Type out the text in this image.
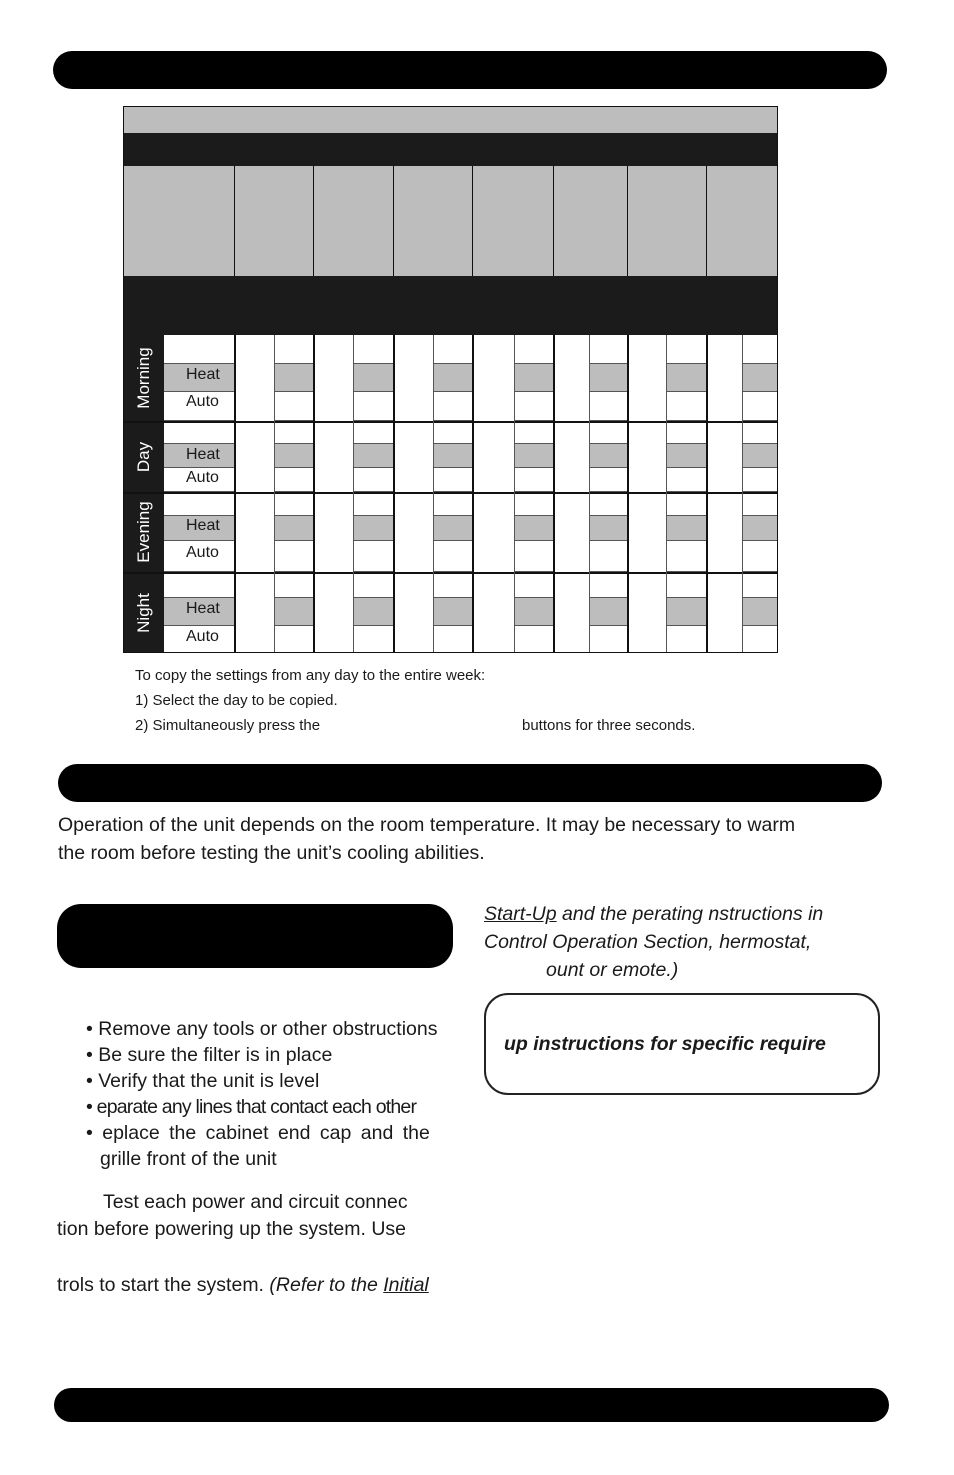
Morning Heat
Auto
Day Heat
Auto
Evening Heat
Auto
Night Heat
Auto
To copy the settings from any day to the entire week:
1) Select the day to be copied.
2) Simultaneously press the	buttons for three seconds.
Operation of the unit depends on the room temperature. It may be necessary to warm
the room before testing the unit’s cooling abilities.
• Remove any tools or other obstructions
• Be sure the filter is in place
• Verify that the unit is level
• eparate any lines that contact each other
• eplace the cabinet end cap and the
grille front of the unit
Test each power and circuit connec
tion before powering up the system. Use
trols to start the system. (Refer to the Initial
Start-Up and the perating nstructions in
Control Operation Section, hermostat,
ount or emote.)
up instructions for specific require
